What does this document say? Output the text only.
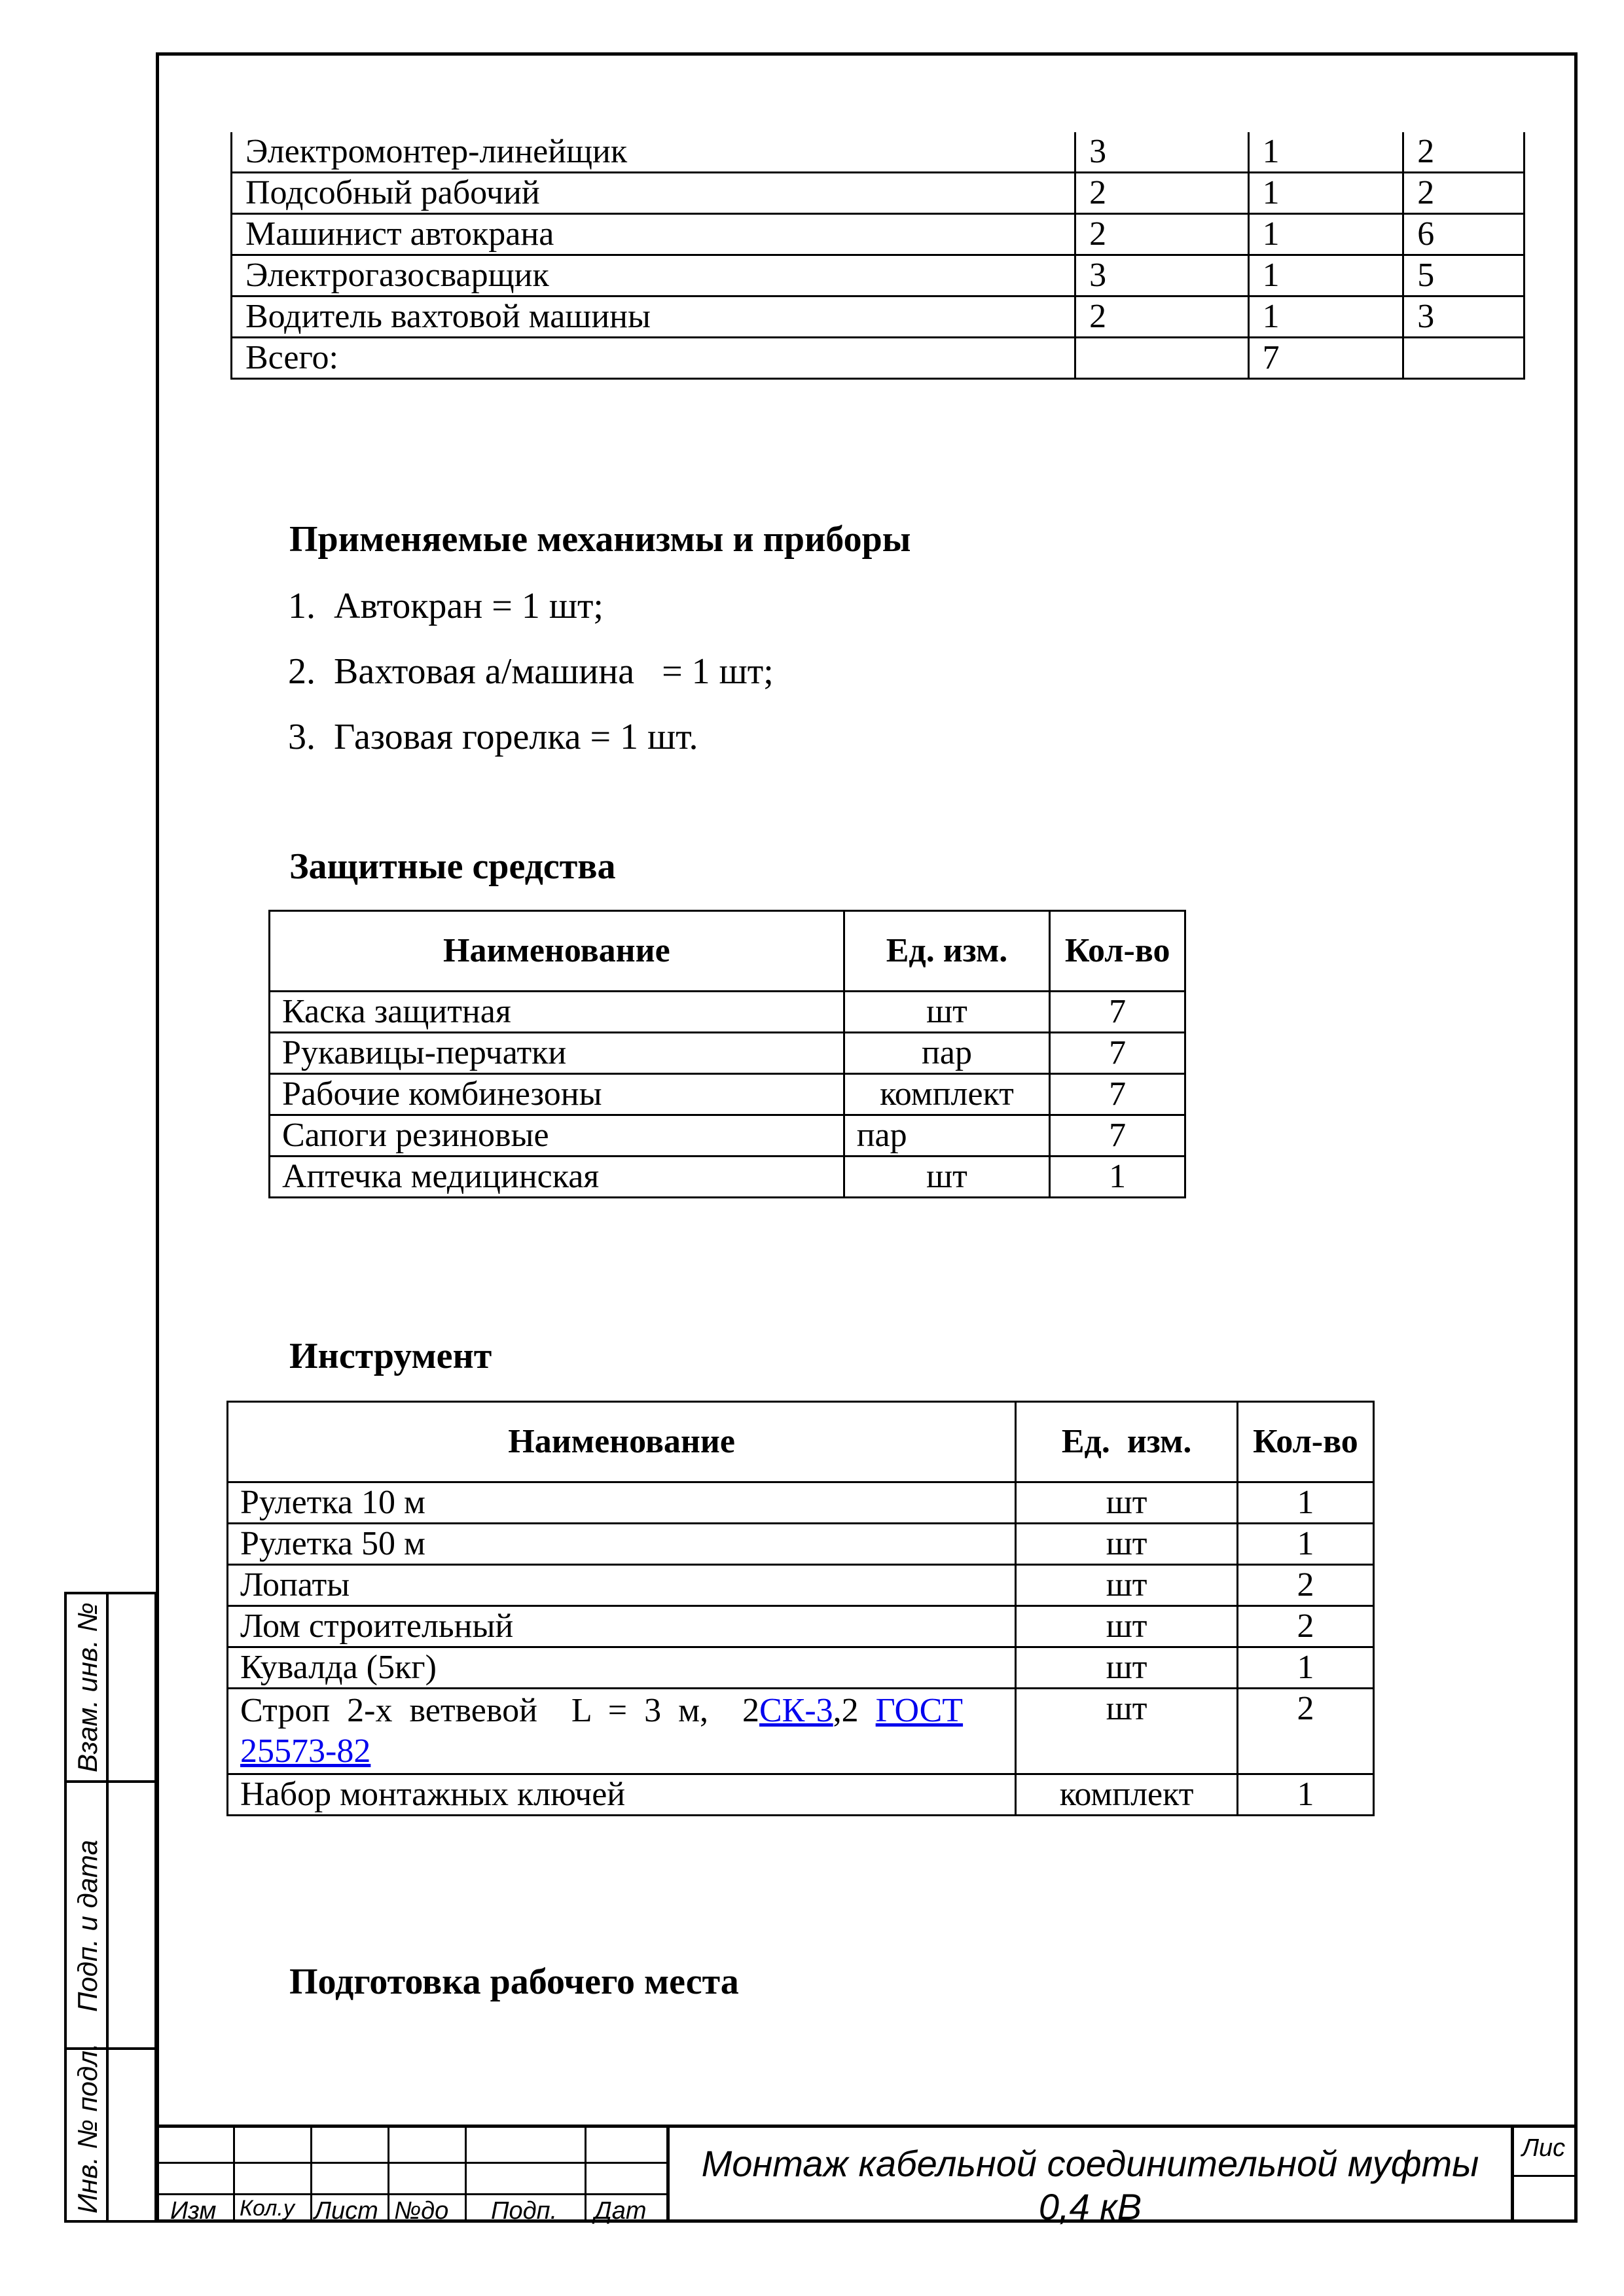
Электромонтер-линейщик	3	1	2
Подсобный рабочий	2	1	2
Машинист автокрана	2	1	6
Электрогазосварщик	3	1	5
Водитель вахтовой машины	2	1	3
Всего:		7	
Применяемые механизмы и приборы
1.  Автокран = 1 шт;
2.  Вахтовая а/машина   = 1 шт;
3.  Газовая горелка = 1 шт.
Защитные средства
Наименование	Ед. изм.	Кол-во
Каска защитная	шт	7
Рукавицы-перчатки	пар	7
Рабочие комбинезоны	комплект	7
Сапоги резиновые	пар	7
Аптечка медицинская	шт	1
Инструмент
Наименование	Ед.  изм.	Кол-во
Рулетка 10 м	шт	1
Рулетка 50 м	шт	1
Лопаты	шт	2
Лом строительный	шт	2
Кувалда (5кг)	шт	1
Строп  2-х  ветвевой    L  =  3  м,    2СК-3,2  ГОСТ 25573-82	шт	2
Набор монтажных ключей	комплект	1
Подготовка рабочего места
Взам. инв. №
Подп. и дата
Инв. № подл.	Изм Кол.у Лист №до Подп. Дат
Монтаж кабельной соединительной муфты
0,4 кВ
Лис
